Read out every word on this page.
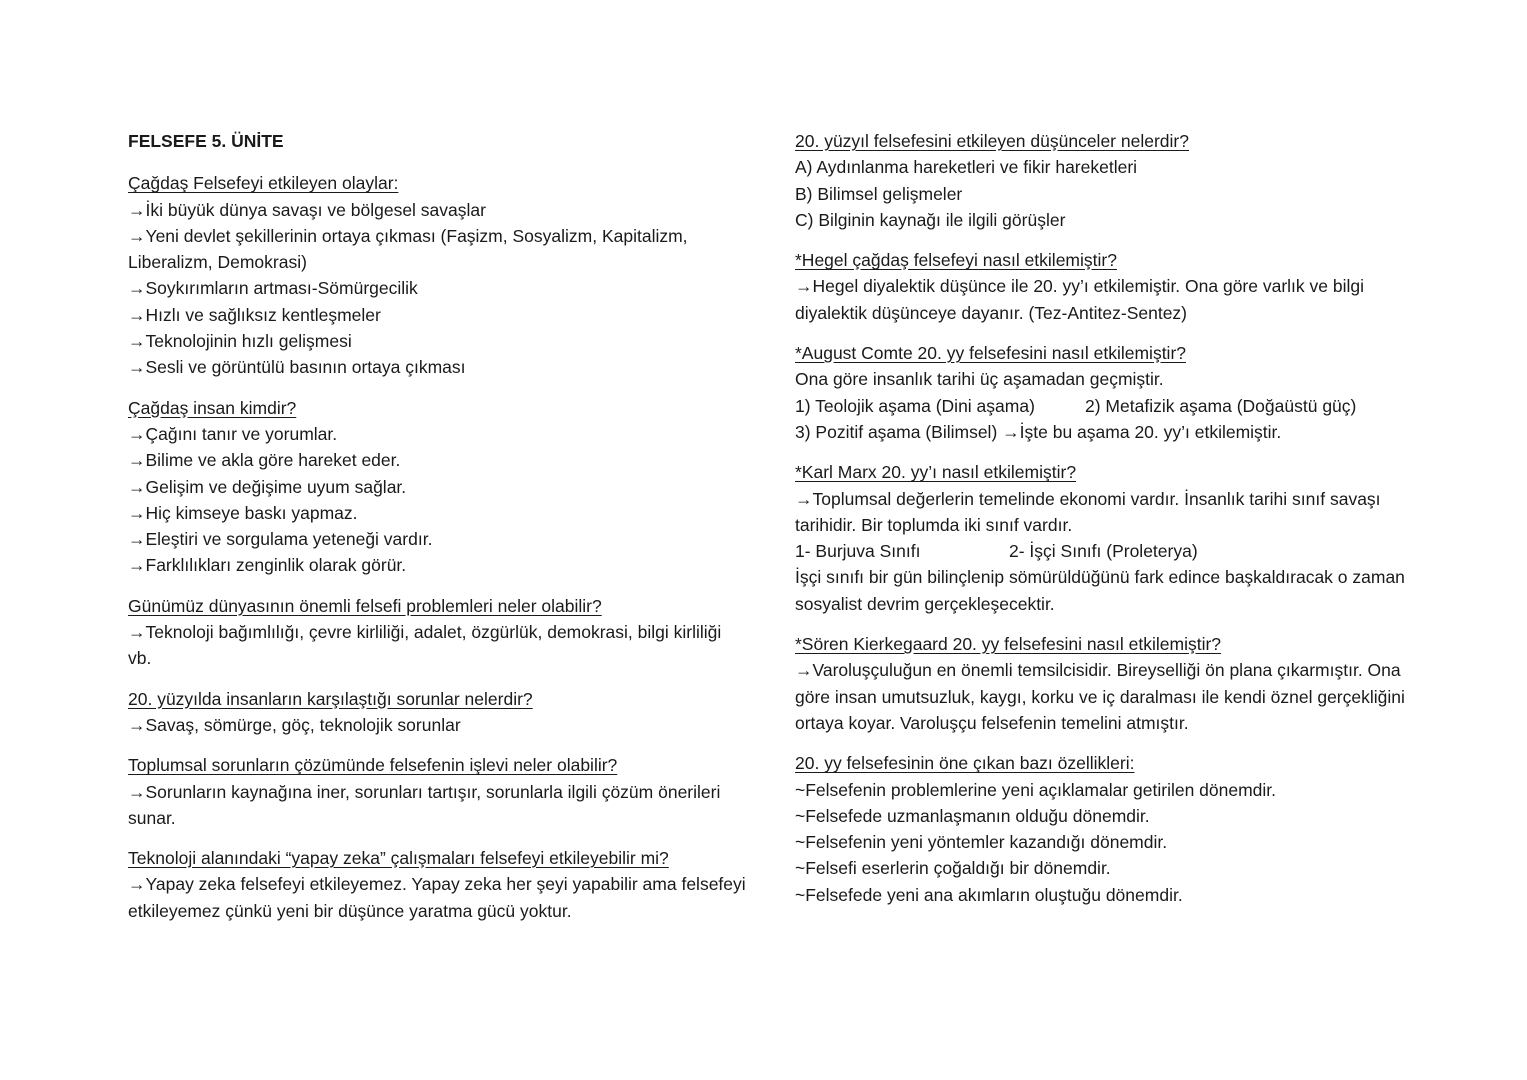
FELSEFE 5. ÜNİTE
Çağdaş Felsefeyi etkileyen olaylar:
→İki büyük dünya savaşı ve bölgesel savaşlar
→Yeni devlet şekillerinin ortaya çıkması (Faşizm, Sosyalizm, Kapitalizm, Liberalizm, Demokrasi)
→Soykırımların artması-Sömürgecilik
→Hızlı ve sağlıksız kentleşmeler
→Teknolojinin hızlı gelişmesi
→Sesli ve görüntülü basının ortaya çıkması
Çağdaş insan kimdir?
→Çağını tanır ve yorumlar.
→Bilime ve akla göre hareket eder.
→Gelişim ve değişime uyum sağlar.
→Hiç kimseye baskı yapmaz.
→Eleştiri ve sorgulama yeteneği vardır.
→Farklılıkları zenginlik olarak görür.
Günümüz dünyasının önemli felsefi problemleri neler olabilir?
→Teknoloji bağımlılığı, çevre kirliliği, adalet, özgürlük, demokrasi, bilgi kirliliği vb.
20. yüzyılda insanların karşılaştığı sorunlar nelerdir?
→Savaş, sömürge, göç, teknolojik sorunlar
Toplumsal sorunların çözümünde felsefenin işlevi neler olabilir?
→Sorunların kaynağına iner, sorunları tartışır, sorunlarla ilgili çözüm önerileri sunar.
Teknoloji alanındaki “yapay zeka” çalışmaları felsefeyi etkileyebilir mi?
→Yapay zeka felsefeyi etkileyemez. Yapay zeka her şeyi yapabilir ama felsefeyi etkileyemez çünkü yeni bir düşünce yaratma gücü yoktur.
20. yüzyıl felsefesini etkileyen düşünceler nelerdir?
A) Aydınlanma hareketleri ve fikir hareketleri
B) Bilimsel gelişmeler
C) Bilginin kaynağı ile ilgili görüşler
*Hegel çağdaş felsefeyi nasıl etkilemiştir?
→Hegel diyalektik düşünce ile 20. yy’ı etkilemiştir. Ona göre varlık ve bilgi diyalektik düşünceye dayanır. (Tez-Antitez-Sentez)
*August Comte 20. yy felsefesini nasıl etkilemiştir?
Ona göre insanlık tarihi üç aşamadan geçmiştir.
1) Teolojik aşama (Dini aşama)	2) Metafizik aşama (Doğaüstü güç)
3) Pozitif aşama (Bilimsel) →İşte bu aşama 20. yy’ı etkilemiştir.
*Karl Marx 20. yy’ı nasıl etkilemiştir?
→Toplumsal değerlerin temelinde ekonomi vardır. İnsanlık tarihi sınıf savaşı tarihidir. Bir toplumda iki sınıf vardır.
1- Burjuva Sınıfı	2- İşçi Sınıfı (Proleterya)
İşçi sınıfı bir gün bilinçlenip sömürüldüğünü fark edince başkaldıracak o zaman sosyalist devrim gerçekleşecektir.
*Sören Kierkegaard 20. yy felsefesini nasıl etkilemiştir?
→Varoluşçuluğun en önemli temsilcisidir. Bireyselliği ön plana çıkarmıştır. Ona göre insan umutsuzluk, kaygı, korku ve iç daralması ile kendi öznel gerçekliğini ortaya koyar. Varoluşçu felsefenin temelini atmıştır.
20. yy felsefesinin öne çıkan bazı özellikleri:
~Felsefenin problemlerine yeni açıklamalar getirilen dönemdir.
~Felsefede uzmanlaşmanın olduğu dönemdir.
~Felsefenin yeni yöntemler kazandığı dönemdir.
~Felsefi eserlerin çoğaldığı bir dönemdir.
~Felsefede yeni ana akımların oluştuğu dönemdir.
